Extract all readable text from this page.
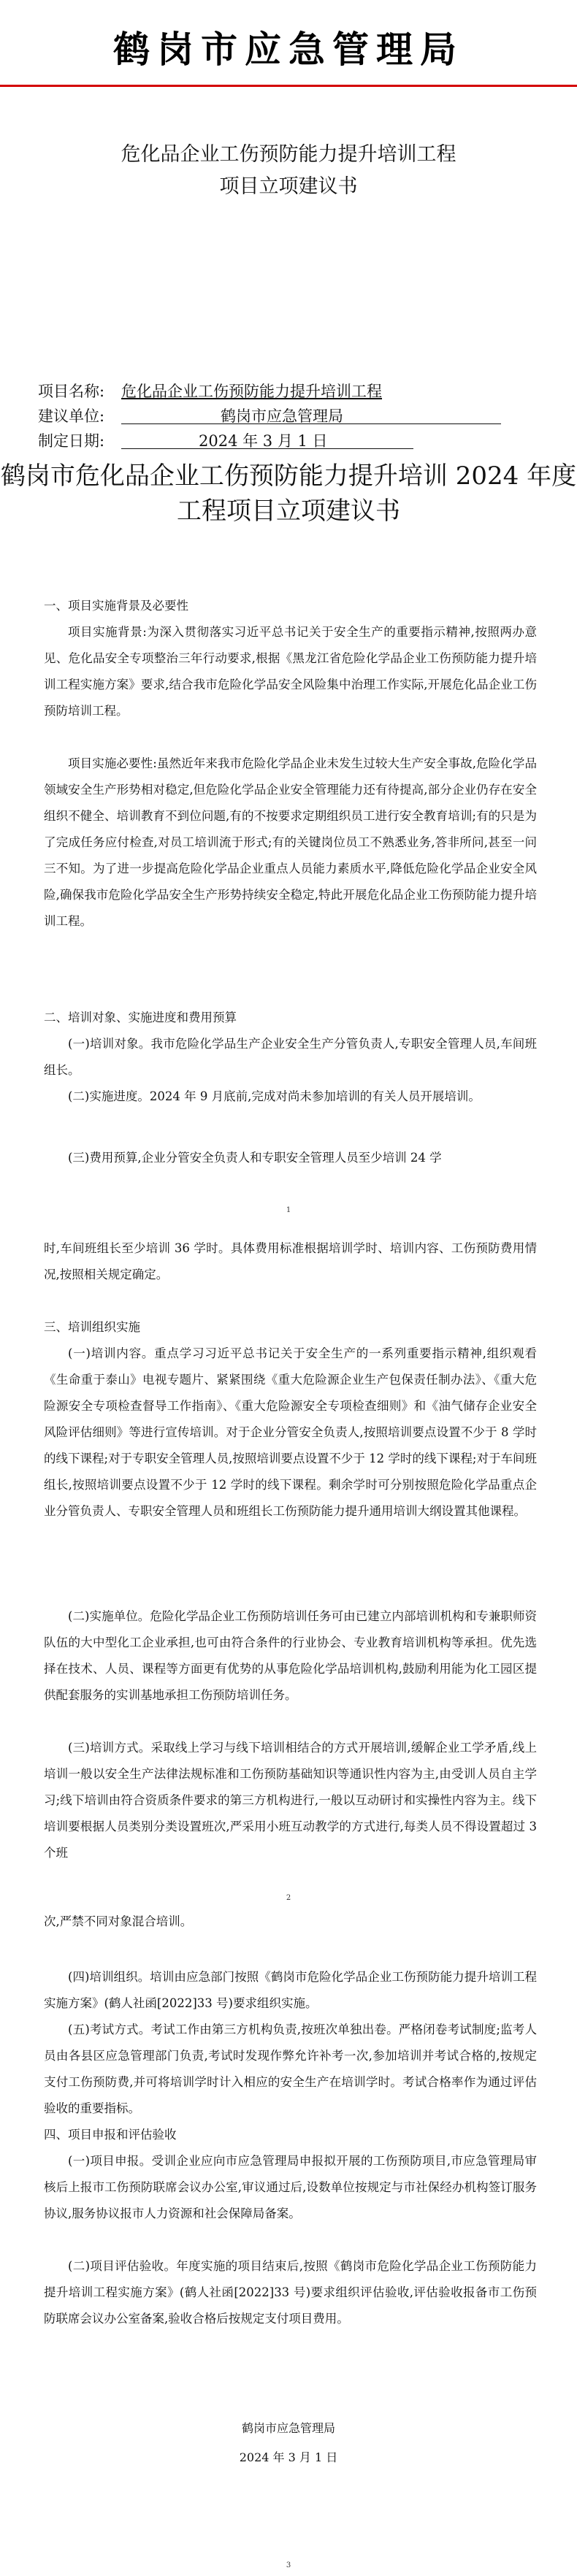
鹤岗市应急管理局
危化品企业工伤预防能力提升培训工程
项目立项建议书
项目名称: 危化品企业工伤预防能力提升培训工程
建议单位:	鹤岗市应急管理局
制定日期:	2024 年 3 月 1 日
鹤岗市危化品企业工伤预防能力提升培训 2024 年度
工程项目立项建议书
一、项目实施背景及必要性
项目实施背景:为深入贯彻落实习近平总书记关于安全生产的重要指示精神,按照两办意见、危化品安全专项整治三年行动要求,根据《黑龙江省危险化学品企业工伤预防能力提升培训工程实施方案》要求,结合我市危险化学品安全风险集中治理工作实际,开展危化品企业工伤预防培训工程。
项目实施必要性:虽然近年来我市危险化学品企业未发生过较大生产安全事故,危险化学品领域安全生产形势相对稳定,但危险化学品企业安全管理能力还有待提高,部分企业仍存在安全组织不健全、培训教育不到位问题,有的不按要求定期组织员工进行安全教育培训;有的只是为了完成任务应付检查,对员工培训流于形式;有的关键岗位员工不熟悉业务,答非所问,甚至一问三不知。为了进一步提高危险化学品企业重点人员能力素质水平,降低危险化学品企业安全风险,确保我市危险化学品安全生产形势持续安全稳定,特此开展危化品企业工伤预防能力提升培训工程。
二、培训对象、实施进度和费用预算
(一)培训对象。我市危险化学品生产企业安全生产分管负责人,专职安全管理人员,车间班组长。
(二)实施进度。2024 年 9 月底前,完成对尚未参加培训的有关人员开展培训。
(三)费用预算,企业分管安全负责人和专职安全管理人员至少培训 24 学
1
时,车间班组长至少培训 36 学时。具体费用标准根据培训学时、培训内容、工伤预防费用情况,按照相关规定确定。
三、培训组织实施
(一)培训内容。重点学习习近平总书记关于安全生产的一系列重要指示精神,组织观看《生命重于泰山》电视专题片、紧紧围绕《重大危险源企业生产包保责任制办法》、《重大危险源安全专项检查督导工作指南》、《重大危险源安全专项检查细则》和《油气储存企业安全风险评估细则》等进行宣传培训。对于企业分管安全负责人,按照培训要点设置不少于 8 学时的线下课程;对于专职安全管理人员,按照培训要点设置不少于 12 学时的线下课程;对于车间班组长,按照培训要点设置不少于 12 学时的线下课程。剩余学时可分别按照危险化学品重点企业分管负责人、专职安全管理人员和班组长工伤预防能力提升通用培训大纲设置其他课程。
(二)实施单位。危险化学品企业工伤预防培训任务可由已建立内部培训机构和专兼职师资队伍的大中型化工企业承担,也可由符合条件的行业协会、专业教育培训机构等承担。优先选择在技术、人员、课程等方面更有优势的从事危险化学品培训机构,鼓励利用能为化工园区提供配套服务的实训基地承担工伤预防培训任务。
(三)培训方式。采取线上学习与线下培训相结合的方式开展培训,缓解企业工学矛盾,线上培训一般以安全生产法律法规标准和工伤预防基础知识等通识性内容为主,由受训人员自主学习;线下培训由符合资质条件要求的第三方机构进行,一般以互动研讨和实操性内容为主。线下培训要根据人员类别分类设置班次,严采用小班互动教学的方式进行,每类人员不得设置超过 3 个班
2
次,严禁不同对象混合培训。
(四)培训组织。培训由应急部门按照《鹤岗市危险化学品企业工伤预防能力提升培训工程实施方案》(鹤人社函[2022]33 号)要求组织实施。
(五)考试方式。考试工作由第三方机构负责,按班次单独出卷。严格闭卷考试制度;监考人员由各县区应急管理部门负责,考试时发现作弊允许补考一次,参加培训并考试合格的,按规定支付工伤预防费,并可将培训学时计入相应的安全生产在培训学时。考试合格率作为通过评估验收的重要指标。
四、项目申报和评估验收
(一)项目申报。受训企业应向市应急管理局申报拟开展的工伤预防项目,市应急管理局审核后上报市工伤预防联席会议办公室,审议通过后,设数单位按规定与市社保经办机构签订服务协议,服务协议报市人力资源和社会保障局备案。
(二)项目评估验收。年度实施的项目结束后,按照《鹤岗市危险化学品企业工伤预防能力提升培训工程实施方案》(鹤人社函[2022]33 号)要求组织评估验收,评估验收报备市工伤预防联席会议办公室备案,验收合格后按规定支付项目费用。
鹤岗市应急管理局
2024 年 3 月 1 日
3
